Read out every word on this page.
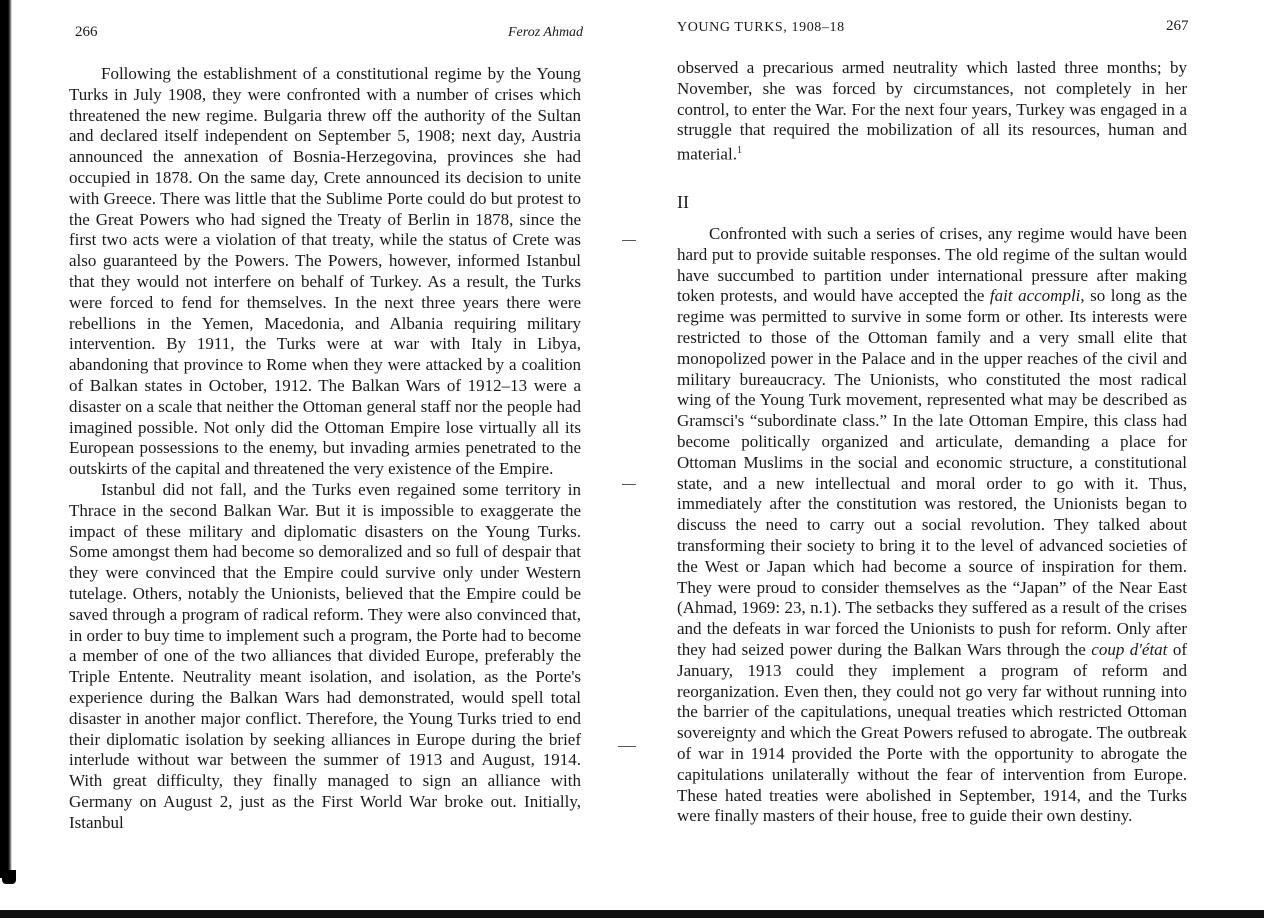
266	Feroz Ahmad

Following the establishment of a constitutional regime by the Young Turks in July 1908, they were confronted with a number of crises which threatened the new regime. Bulgaria threw off the authority of the Sultan and declared itself independent on September 5, 1908; next day, Austria announced the annexation of Bosnia-Herzegovina, provinces she had occupied in 1878. On the same day, Crete announced its decision to unite with Greece. There was little that the Sublime Porte could do but protest to the Great Powers who had signed the Treaty of Berlin in 1878, since the first two acts were a violation of that treaty, while the status of Crete was also guaranteed by the Powers. The Powers, however, informed Istanbul that they would not interfere on behalf of Turkey. As a result, the Turks were forced to fend for themselves. In the next three years there were rebellions in the Yemen, Macedonia, and Albania requiring military intervention. By 1911, the Turks were at war with Italy in Libya, abandoning that province to Rome when they were attacked by a coalition of Balkan states in October, 1912. The Balkan Wars of 1912–13 were a disaster on a scale that neither the Ottoman general staff nor the people had imagined possible. Not only did the Ottoman Empire lose virtually all its European possessions to the enemy, but invading armies penetrated to the outskirts of the capital and threatened the very existence of the Empire.

Istanbul did not fall, and the Turks even regained some territory in Thrace in the second Balkan War. But it is impossible to exaggerate the impact of these military and diplomatic disasters on the Young Turks. Some amongst them had become so demoralized and so full of despair that they were convinced that the Empire could survive only under Western tutelage. Others, notably the Unionists, believed that the Empire could be saved through a program of radical reform. They were also convinced that, in order to buy time to implement such a program, the Porte had to become a member of one of the two alliances that divided Europe, preferably the Triple Entente. Neutrality meant isolation, and isolation, as the Porte's experience during the Balkan Wars had demonstrated, would spell total disaster in another major conflict. Therefore, the Young Turks tried to end their diplomatic isolation by seeking alliances in Europe during the brief interlude without war between the summer of 1913 and August, 1914. With great difficulty, they finally managed to sign an alliance with Germany on August 2, just as the First World War broke out. Initially, Istanbul

YOUNG TURKS, 1908–18	267

observed a precarious armed neutrality which lasted three months; by November, she was forced by circumstances, not completely in her control, to enter the War. For the next four years, Turkey was engaged in a struggle that required the mobilization of all its resources, human and material.$^1$

II

Confronted with such a series of crises, any regime would have been hard put to provide suitable responses. The old regime of the sultan would have succumbed to partition under international pressure after making token protests, and would have accepted the fait accompli, so long as the regime was permitted to survive in some form or other. Its interests were restricted to those of the Ottoman family and a very small elite that monopolized power in the Palace and in the upper reaches of the civil and military bureaucracy. The Unionists, who constituted the most radical wing of the Young Turk movement, represented what may be described as Gramsci's “subordinate class.” In the late Ottoman Empire, this class had become politically organized and articulate, demanding a place for Ottoman Muslims in the social and economic structure, a constitutional state, and a new intellectual and moral order to go with it. Thus, immediately after the constitution was restored, the Unionists began to discuss the need to carry out a social revolution. They talked about transforming their society to bring it to the level of advanced societies of the West or Japan which had become a source of inspiration for them. They were proud to consider themselves as the “Japan” of the Near East (Ahmad, 1969: 23, n.1). The setbacks they suffered as a result of the crises and the defeats in war forced the Unionists to push for reform. Only after they had seized power during the Balkan Wars through the coup d'état of January, 1913 could they implement a program of reform and reorganization. Even then, they could not go very far without running into the barrier of the capitulations, unequal treaties which restricted Ottoman sovereignty and which the Great Powers refused to abrogate. The outbreak of war in 1914 provided the Porte with the opportunity to abrogate the capitulations unilaterally without the fear of intervention from Europe. These hated treaties were abolished in September, 1914, and the Turks were finally masters of their house, free to guide their own destiny.
